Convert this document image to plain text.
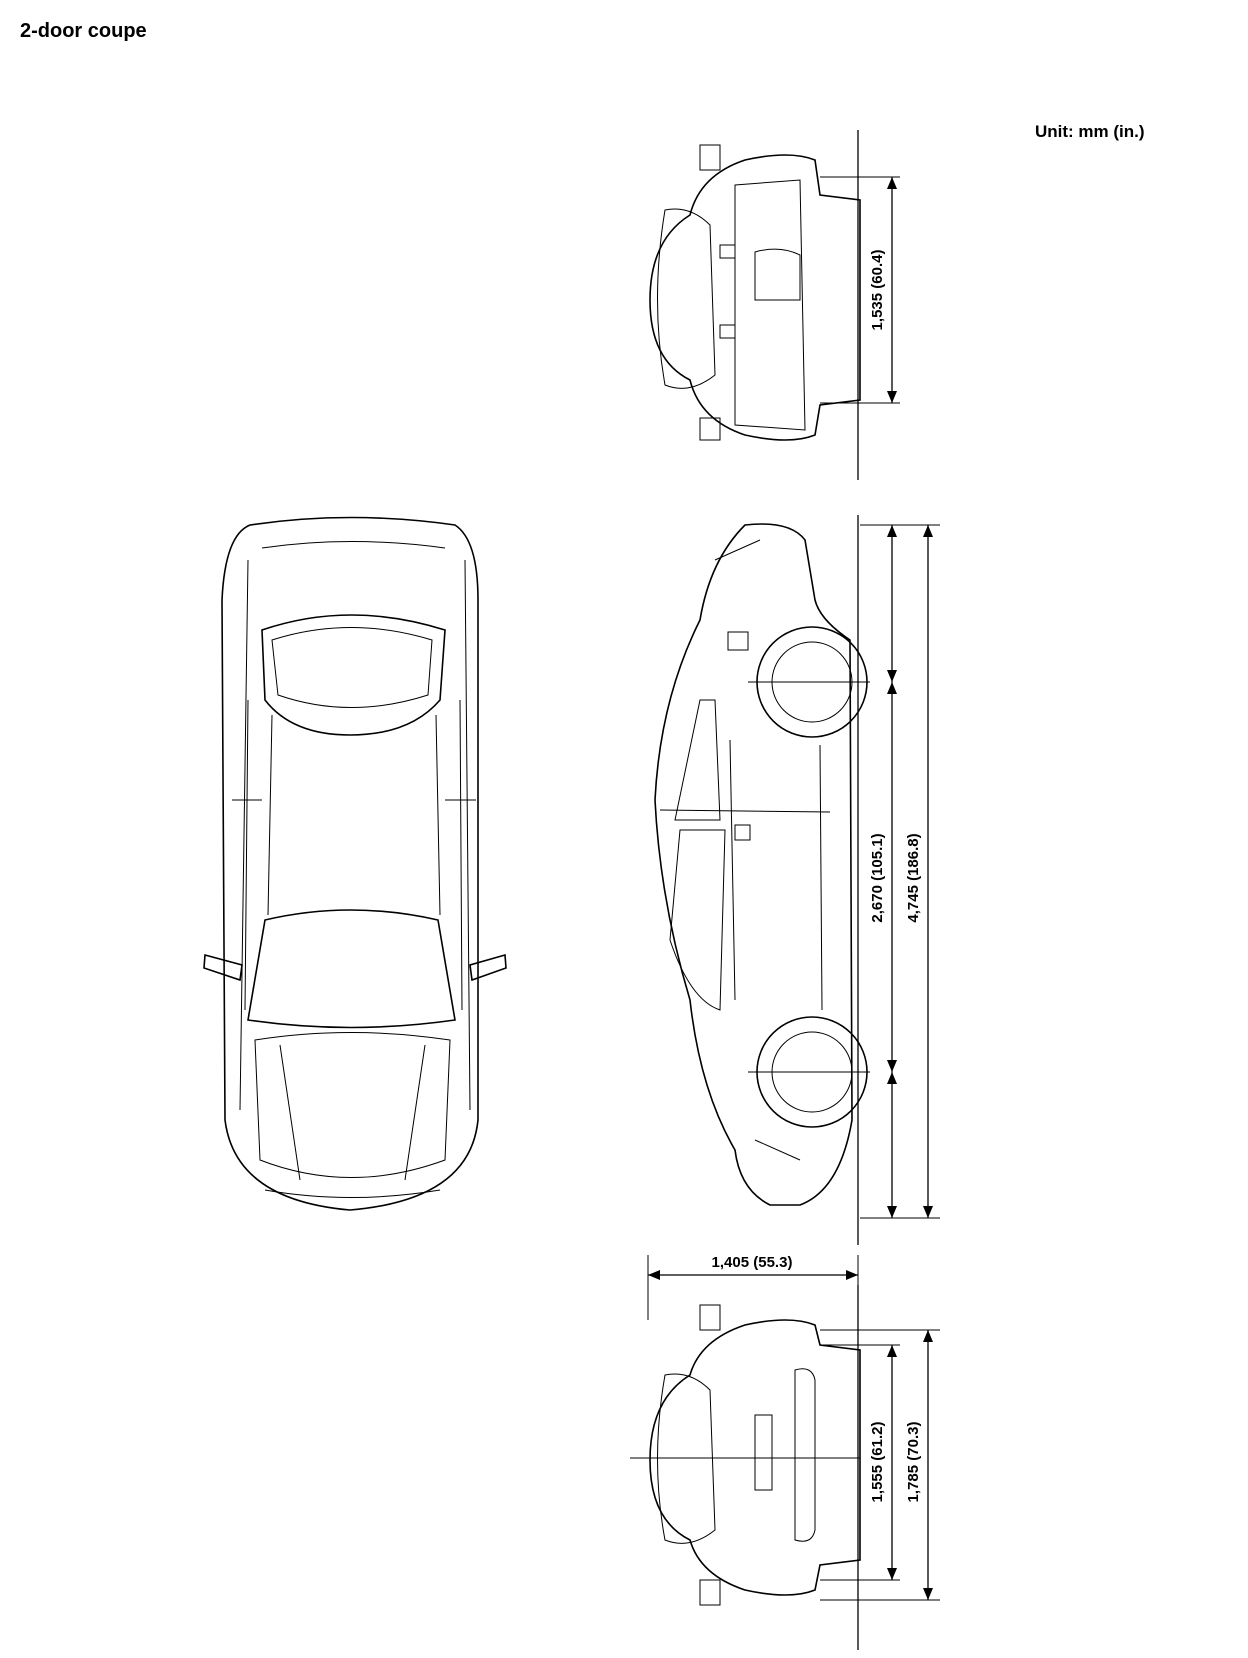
2-door coupe
Unit: mm (in.)
1,535 (60.4)
2,670 (105.1) 4,745 (186.8)
1,405 (55.3)
1,555 (61.2) 1,785 (70.3)
